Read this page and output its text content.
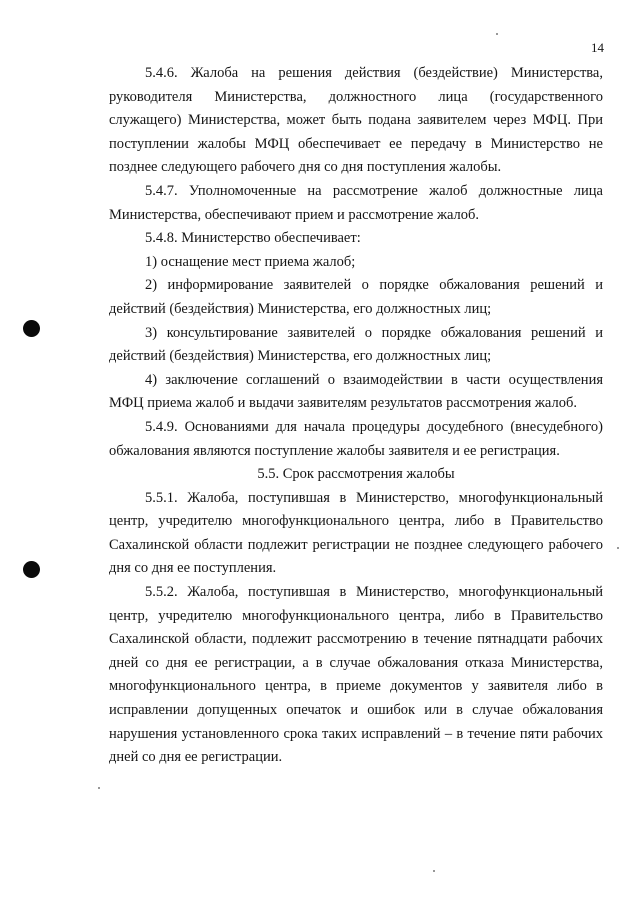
14

5.4.6. Жалоба на решения действия (бездействие) Министерства, руководителя Министерства, должностного лица (государственного служащего) Министерства, может быть подана заявителем через МФЦ. При поступлении жалобы МФЦ обеспечивает ее передачу в Министерство не позднее следующего рабочего дня со дня поступления жалобы.

5.4.7. Уполномоченные на рассмотрение жалоб должностные лица Министерства, обеспечивают прием и рассмотрение жалоб.

5.4.8. Министерство обеспечивает:

1) оснащение мест приема жалоб;

2) информирование заявителей о порядке обжалования решений и действий (бездействия) Министерства, его должностных лиц;

3) консультирование заявителей о порядке обжалования решений и действий (бездействия) Министерства, его должностных лиц;

4) заключение соглашений о взаимодействии в части осуществления МФЦ приема жалоб и выдачи заявителям результатов рассмотрения жалоб.

5.4.9. Основаниями для начала процедуры досудебного (внесудебного) обжалования являются поступление жалобы заявителя и ее регистрация.

5.5. Срок рассмотрения жалобы

5.5.1. Жалоба, поступившая в Министерство, многофункциональный центр, учредителю многофункционального центра, либо в Правительство Сахалинской области подлежит регистрации не позднее следующего рабочего дня со дня ее поступления.

5.5.2. Жалоба, поступившая в Министерство, многофункциональный центр, учредителю многофункционального центра, либо в Правительство Сахалинской области, подлежит рассмотрению в течение пятнадцати рабочих дней со дня ее регистрации, а в случае обжалования отказа Министерства, многофункционального центра, в приеме документов у заявителя либо в исправлении допущенных опечаток и ошибок или в случае обжалования нарушения установленного срока таких исправлений – в течение пяти рабочих дней со дня ее регистрации.
